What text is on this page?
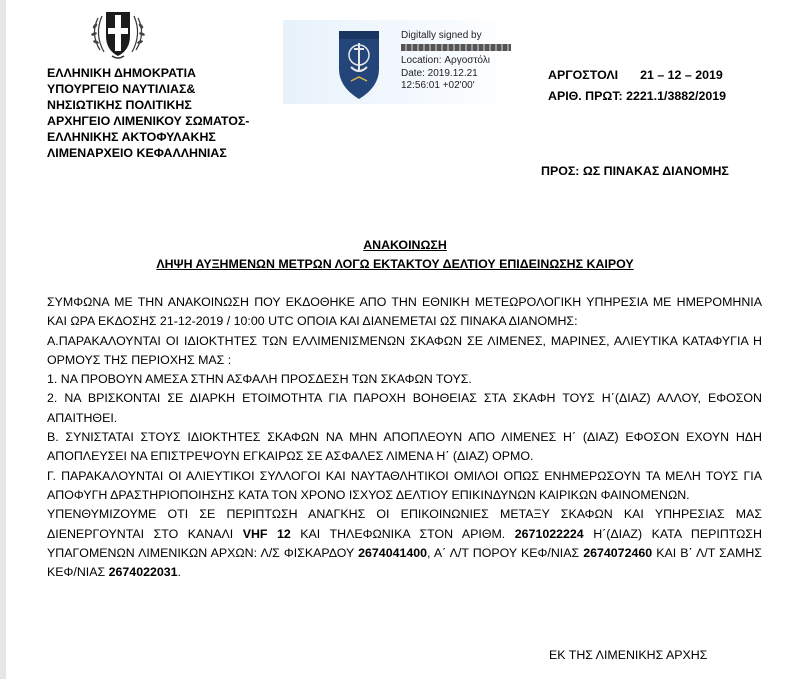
Digitally signed by
Location: Αργοστόλι
Date: 2019.12.21
12:56:01 +02'00'
ΕΛΛΗΝΙΚΗ ΔΗΜΟΚΡΑΤΙΑ
ΥΠΟΥΡΓΕΙΟ ΝΑΥΤΙΛΙΑΣ&
ΝΗΣΙΩΤΙΚΗΣ ΠΟΛΙΤΙΚΗΣ
ΑΡΧΗΓΕΙΟ ΛΙΜΕΝΙΚΟΥ ΣΩΜΑΤΟΣ-
ΕΛΛΗΝΙΚΗΣ ΑΚΤΟΦΥΛΑΚΗΣ
ΛΙΜΕΝΑΡΧΕΙΟ ΚΕΦΑΛΛΗΝΙΑΣ
ΑΡΓΟΣΤΟΛΙ 21 – 12 – 2019
ΑΡΙΘ. ΠΡΩΤ: 2221.1/3882/2019
ΠΡΟΣ: ΩΣ ΠΙΝΑΚΑΣ ΔΙΑΝΟΜΗΣ
ΑΝΑΚΟΙΝΩΣΗ
ΛΗΨΗ ΑΥΞΗΜΕΝΩΝ ΜΕΤΡΩΝ ΛΟΓΩ ΕΚΤΑΚΤΟΥ ΔΕΛΤΙΟΥ ΕΠΙΔΕΙΝΩΣΗΣ ΚΑΙΡΟΥ

ΣΥΜΦΩΝΑ ΜΕ ΤΗΝ ΑΝΑΚΟΙΝΩΣΗ ΠΟΥ ΕΚΔΟΘΗΚΕ ΑΠΟ ΤΗΝ ΕΘΝΙΚΗ ΜΕΤΕΩΡΟΛΟΓΙΚΗ ΥΠΗΡΕΣΙΑ ΜΕ ΗΜΕΡΟΜΗΝΙΑ ΚΑΙ ΩΡΑ ΕΚΔΟΣΗΣ 21-12-2019 / 10:00 UTC ΟΠΟΙΑ ΚΑΙ ΔΙΑΝΕΜΕΤΑΙ ΩΣ ΠΙΝΑΚΑ ΔΙΑΝΟΜΗΣ:

Α.ΠΑΡΑΚΑΛΟΥΝΤΑΙ ΟΙ ΙΔΙΟΚΤΗΤΕΣ ΤΩΝ ΕΛΛΙΜΕΝΙΣΜΕΝΩΝ ΣΚΑΦΩΝ ΣΕ ΛΙΜΕΝΕΣ, ΜΑΡΙΝΕΣ, ΑΛΙΕΥΤΙΚΑ ΚΑΤΑΦΥΓΙΑ Η ΟΡΜΟΥΣ ΤΗΣ ΠΕΡΙΟΧΗΣ ΜΑΣ :

1. ΝΑ ΠΡΟΒΟΥΝ ΑΜΕΣΑ ΣΤΗΝ ΑΣΦΑΛΗ ΠΡΟΣΔΕΣΗ ΤΩΝ ΣΚΑΦΩΝ ΤΟΥΣ.

2. ΝΑ ΒΡΙΣΚΟΝΤΑΙ ΣΕ ΔΙΑΡΚΗ ΕΤΟΙΜΟΤΗΤΑ ΓΙΑ ΠΑΡΟΧΗ ΒΟΗΘΕΙΑΣ ΣΤΑ ΣΚΑΦΗ ΤΟΥΣ Η΄(ΔΙΑΖ) ΑΛΛΟΥ, ΕΦΟΣΟΝ ΑΠΑΙΤΗΘΕΙ.

Β. ΣΥΝΙΣΤΑΤΑΙ ΣΤΟΥΣ ΙΔΙΟΚΤΗΤΕΣ ΣΚΑΦΩΝ ΝΑ ΜΗΝ ΑΠΟΠΛΕΟΥΝ ΑΠΟ ΛΙΜΕΝΕΣ Η΄ (ΔΙΑΖ) ΕΦΟΣΟΝ ΕΧΟΥΝ ΗΔΗ ΑΠΟΠΛΕΥΣΕΙ ΝΑ ΕΠΙΣΤΡΕΨΟΥΝ ΕΓΚΑΙΡΩΣ ΣΕ ΑΣΦΑΛΕΣ ΛΙΜΕΝΑ Η΄ (ΔΙΑΖ) ΟΡΜΟ.

Γ. ΠΑΡΑΚΑΛΟΥΝΤΑΙ ΟΙ ΑΛΙΕΥΤΙΚΟΙ ΣΥΛΛΟΓΟΙ ΚΑΙ ΝΑΥΤΑΘΛΗΤΙΚΟΙ ΟΜΙΛΟΙ ΟΠΩΣ ΕΝΗΜΕΡΩΣΟΥΝ ΤΑ ΜΕΛΗ ΤΟΥΣ ΓΙΑ ΑΠΟΦΥΓΗ ΔΡΑΣΤΗΡΙΟΠΟΙΗΣΗΣ ΚΑΤΑ ΤΟΝ ΧΡΟΝΟ ΙΣΧΥΟΣ ΔΕΛΤΙΟΥ ΕΠΙΚΙΝΔΥΝΩΝ ΚΑΙΡΙΚΩΝ ΦΑΙΝΟΜΕΝΩΝ.

ΥΠΕΝΘΥΜΙΖΟΥΜΕ ΟΤΙ ΣΕ ΠΕΡΙΠΤΩΣΗ ΑΝΑΓΚΗΣ ΟΙ ΕΠΙΚΟΙΝΩΝΙΕΣ ΜΕΤΑΞΥ ΣΚΑΦΩΝ ΚΑΙ ΥΠΗΡΕΣΙΑΣ ΜΑΣ ΔΙΕΝΕΡΓΟΥΝΤΑΙ ΣΤΟ ΚΑΝΑΛΙ VHF 12 ΚΑΙ ΤΗΛΕΦΩΝΙΚΑ ΣΤΟΝ ΑΡΙΘΜ. 2671022224 Η΄(ΔΙΑΖ) ΚΑΤΑ ΠΕΡΙΠΤΩΣΗ ΥΠΑΓΟΜΕΝΩΝ ΛΙΜΕΝΙΚΩΝ ΑΡΧΩΝ: Λ/Σ ΦΙΣΚΑΡΔΟΥ 2674041400, Α΄ Λ/Τ ΠΟΡΟΥ ΚΕΦ/ΝΙΑΣ 2674072460 ΚΑΙ Β΄ Λ/Τ ΣΑΜΗΣ ΚΕΦ/ΝΙΑΣ 2674022031.

ΕΚ ΤΗΣ ΛΙΜΕΝΙΚΗΣ ΑΡΧΗΣ
